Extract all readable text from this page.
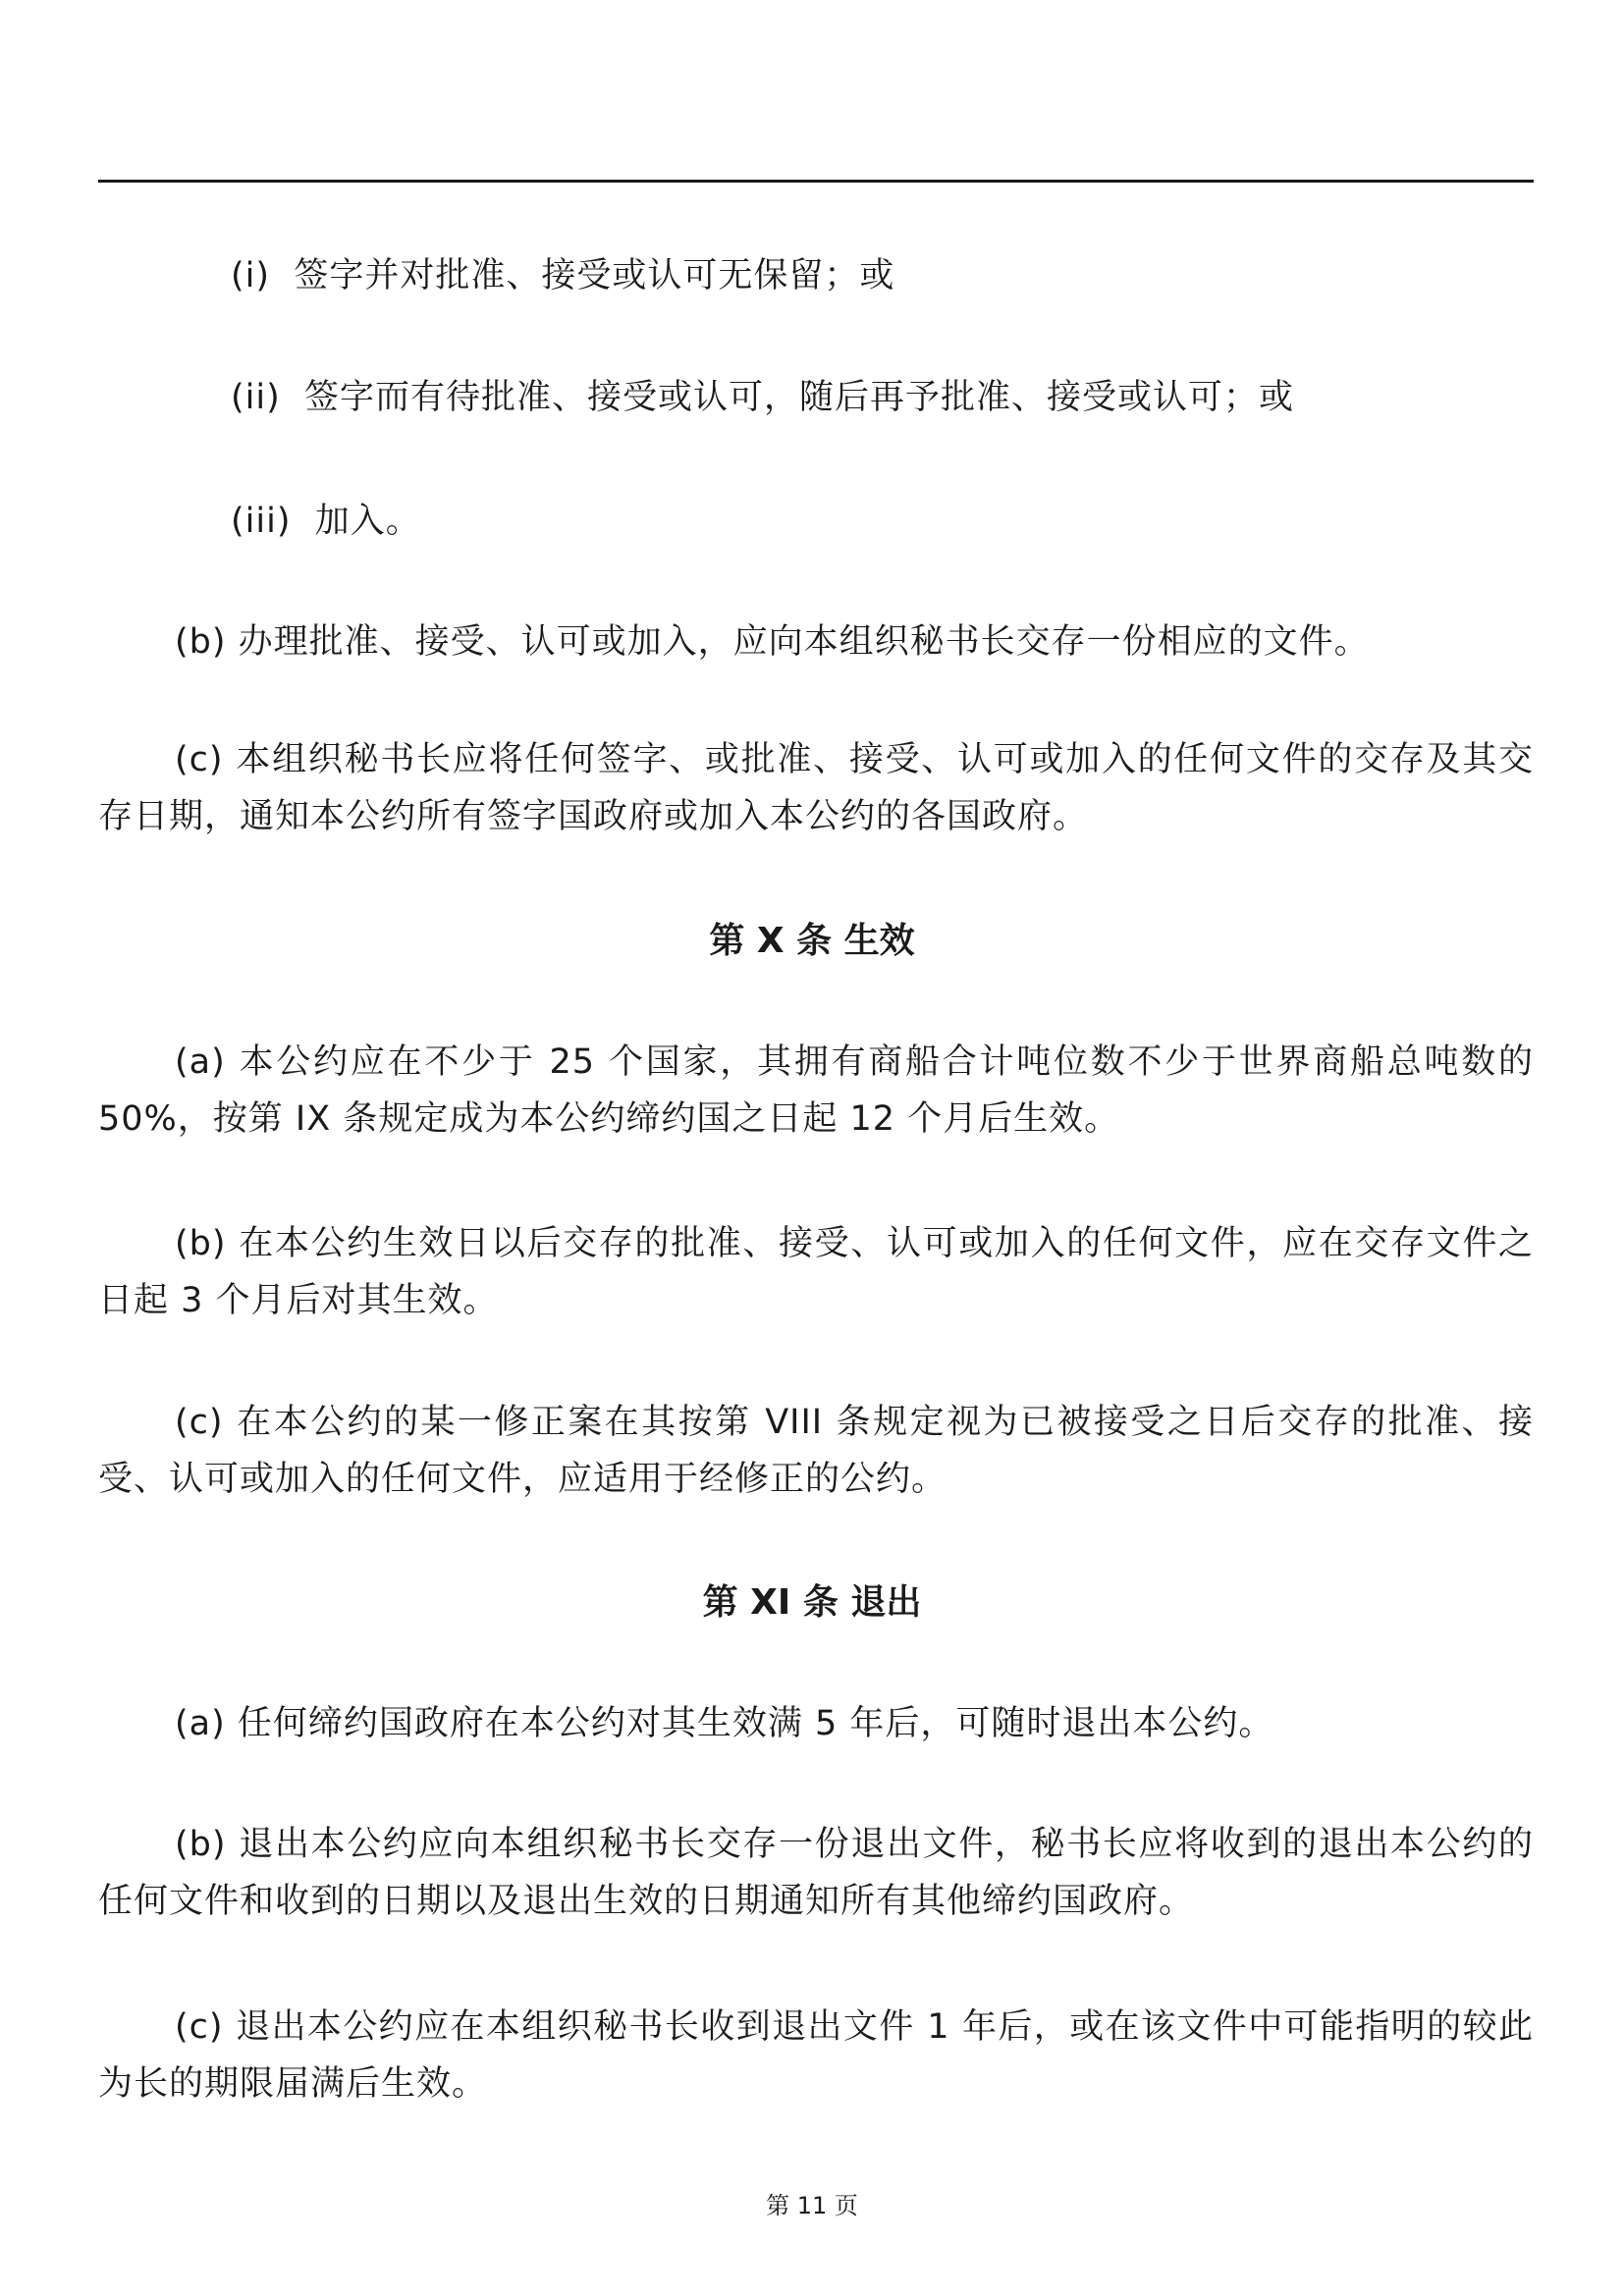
(i) 签字并对批准、接受或认可无保留；或

(ii) 签字而有待批准、接受或认可，随后再予批准、接受或认可；或

(iii) 加入。

(b) 办理批准、接受、认可或加入，应向本组织秘书长交存一份相应的文件。

(c) 本组织秘书长应将任何签字、或批准、接受、认可或加入的任何文件的交存及其交存日期，通知本公约所有签字国政府或加入本公约的各国政府。

第 X 条 生效

(a) 本公约应在不少于 25 个国家，其拥有商船合计吨位数不少于世界商船总吨数的 50%，按第 IX 条规定成为本公约缔约国之日起 12 个月后生效。

(b) 在本公约生效日以后交存的批准、接受、认可或加入的任何文件，应在交存文件之日起 3 个月后对其生效。

(c) 在本公约的某一修正案在其按第 VIII 条规定视为已被接受之日后交存的批准、接受、认可或加入的任何文件，应适用于经修正的公约。

第 XI 条 退出

(a) 任何缔约国政府在本公约对其生效满 5 年后，可随时退出本公约。

(b) 退出本公约应向本组织秘书长交存一份退出文件，秘书长应将收到的退出本公约的任何文件和收到的日期以及退出生效的日期通知所有其他缔约国政府。

(c) 退出本公约应在本组织秘书长收到退出文件 1 年后，或在该文件中可能指明的较此为长的期限届满后生效。

第 11 页
